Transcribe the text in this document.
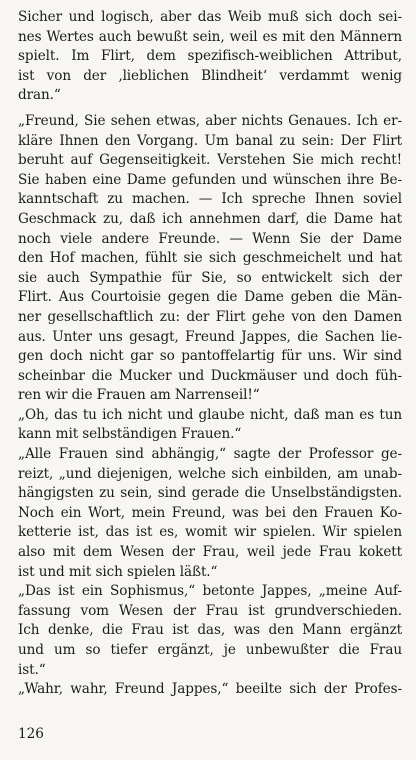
Sicher und logisch, aber das Weib muß sich doch sei-
nes Wertes auch bewußt sein, weil es mit den Männern
spielt. Im Flirt, dem spezifisch-weiblichen Attribut,
ist von der ‚lieblichen Blindheit‘ verdammt wenig
dran.“
„Freund, Sie sehen etwas, aber nichts Genaues. Ich er-
kläre Ihnen den Vorgang. Um banal zu sein: Der Flirt
beruht auf Gegenseitigkeit. Verstehen Sie mich recht!
Sie haben eine Dame gefunden und wünschen ihre Be-
kanntschaft zu machen. — Ich spreche Ihnen soviel
Geschmack zu, daß ich annehmen darf, die Dame hat
noch viele andere Freunde. — Wenn Sie der Dame
den Hof machen, fühlt sie sich geschmeichelt und hat
sie auch Sympathie für Sie, so entwickelt sich der
Flirt. Aus Courtoisie gegen die Dame geben die Män-
ner gesellschaftlich zu: der Flirt gehe von den Damen
aus. Unter uns gesagt, Freund Jappes, die Sachen lie-
gen doch nicht gar so pantoffelartig für uns. Wir sind
scheinbar die Mucker und Duckmäuser und doch füh-
ren wir die Frauen am Narrenseil!“
„Oh, das tu ich nicht und glaube nicht, daß man es tun
kann mit selbständigen Frauen.“
„Alle Frauen sind abhängig,“ sagte der Professor ge-
reizt, „und diejenigen, welche sich einbilden, am unab-
hängigsten zu sein, sind gerade die Unselbständigsten.
Noch ein Wort, mein Freund, was bei den Frauen Ko-
ketterie ist, das ist es, womit wir spielen. Wir spielen
also mit dem Wesen der Frau, weil jede Frau kokett
ist und mit sich spielen läßt.“
„Das ist ein Sophismus,“ betonte Jappes, „meine Auf-
fassung vom Wesen der Frau ist grundverschieden.
Ich denke, die Frau ist das, was den Mann ergänzt
und um so tiefer ergänzt, je unbewußter die Frau
ist.“
„Wahr, wahr, Freund Jappes,“ beeilte sich der Profes-
126
